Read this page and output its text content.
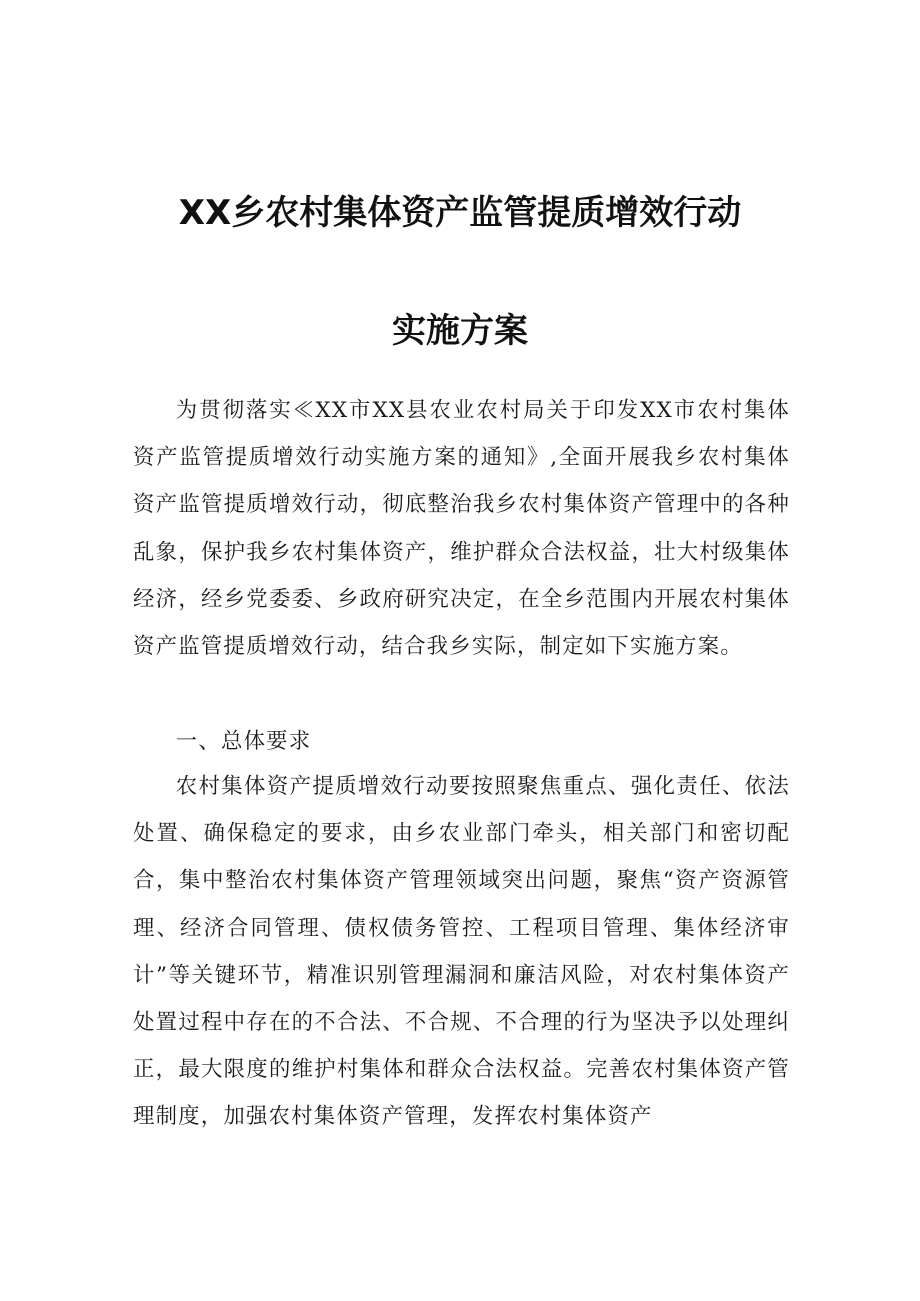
XX乡农村集体资产监管提质增效行动
实施方案

为贯彻落实≪XX市XX县农业农村局关于印发XX市农村集体资产监管提质增效行动实施方案的通知》,全面开展我乡农村集体资产监管提质增效行动，彻底整治我乡农村集体资产管理中的各种乱象，保护我乡农村集体资产，维护群众合法权益，壮大村级集体经济，经乡党委委、乡政府研究决定，在全乡范围内开展农村集体资产监管提质增效行动，结合我乡实际，制定如下实施方案。

一、总体要求

农村集体资产提质增效行动要按照聚焦重点、强化责任、依法处置、确保稳定的要求，由乡农业部门牵头，相关部门和密切配合，集中整治农村集体资产管理领域突出问题，聚焦“资产资源管理、经济合同管理、债权债务管控、工程项目管理、集体经济审计”等关键环节，精准识别管理漏洞和廉洁风险，对农村集体资产处置过程中存在的不合法、不合规、不合理的行为坚决予以处理纠正，最大限度的维护村集体和群众合法权益。完善农村集体资产管理制度，加强农村集体资产管理，发挥农村集体资产
